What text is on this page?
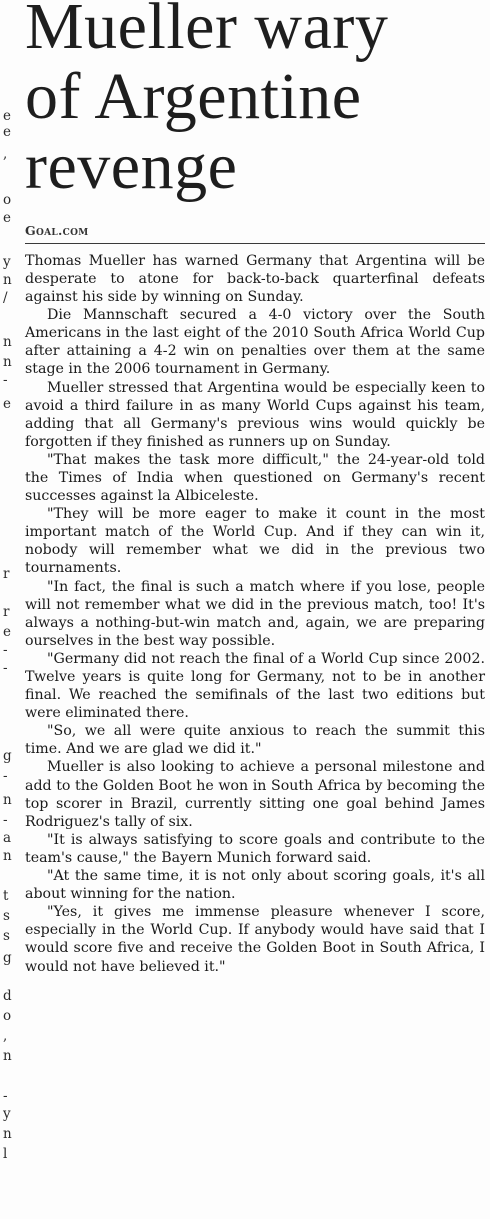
e
e
,
o
e
y
n
/
n
n
-
e
r
r
e
-
-
g
-
n
-
a
n
t
s
s
g
d
o
,
n
-
y
n
l
Mueller wary
of Argentine
revenge
Goal.com

Thomas Mueller has warned Germany that Argentina will be desperate to atone for back-to-back quarterfinal defeats against his side by winning on Sunday.

Die Mannschaft secured a 4-0 victory over the South Americans in the last eight of the 2010 South Africa World Cup after attaining a 4-2 win on penalties over them at the same stage in the 2006 tournament in Germany.

Mueller stressed that Argentina would be especially keen to avoid a third failure in as many World Cups against his team, adding that all Germany's previous wins would quickly be forgotten if they finished as runners up on Sunday.

"That makes the task more difficult," the 24-year-old told the Times of India when questioned on Germany's recent successes against la Albiceleste.

"They will be more eager to make it count in the most important match of the World Cup. And if they can win it, nobody will remember what we did in the previous two tournaments.

"In fact, the final is such a match where if you lose, people will not remember what we did in the previous match, too! It's always a nothing-but-win match and, again, we are preparing ourselves in the best way possible.

"Germany did not reach the final of a World Cup since 2002. Twelve years is quite long for Germany, not to be in another final. We reached the semifinals of the last two editions but were eliminated there.

"So, we all were quite anxious to reach the summit this time. And we are glad we did it."

Mueller is also looking to achieve a personal milestone and add to the Golden Boot he won in South Africa by becoming the top scorer in Brazil, currently sitting one goal behind James Rodriguez's tally of six.

"It is always satisfying to score goals and contribute to the team's cause," the Bayern Munich forward said.

"At the same time, it is not only about scoring goals, it's all about winning for the nation.

"Yes, it gives me immense pleasure whenever I score, especially in the World Cup. If anybody would have said that I would score five and receive the Golden Boot in South Africa, I would not have believed it."
